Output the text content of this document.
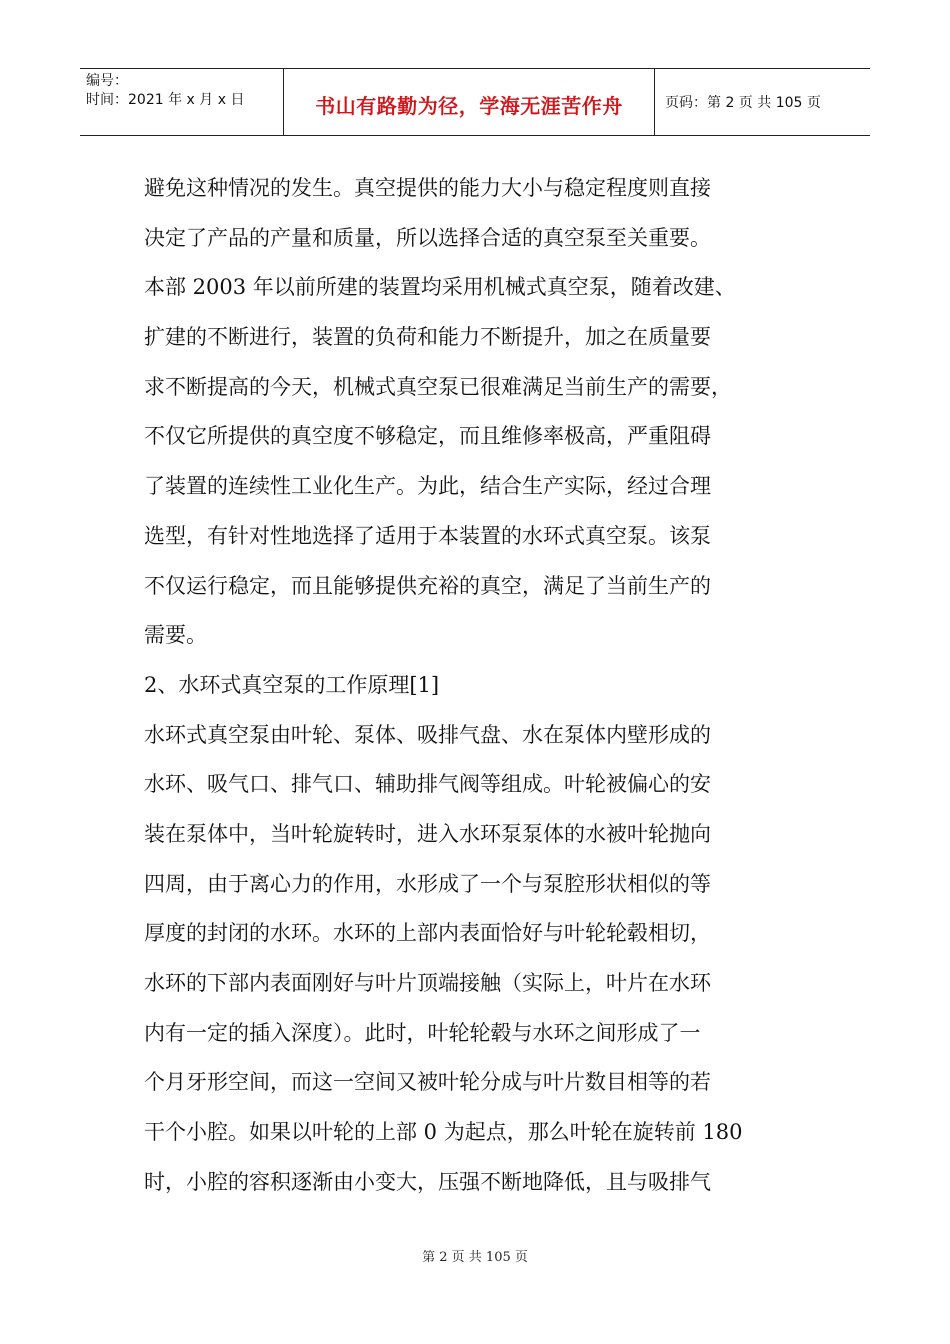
编号：
时间：2021 年 x 月 x 日	书山有路勤为径，学海无涯苦作舟	页码：第 2 页 共 105 页
避免这种情况的发生。真空提供的能力大小与稳定程度则直接
决定了产品的产量和质量，所以选择合适的真空泵至关重要。
本部 2003 年以前所建的装置均采用机械式真空泵，随着改建、
扩建的不断进行，装置的负荷和能力不断提升，加之在质量要
求不断提高的今天，机械式真空泵已很难满足当前生产的需要，
不仅它所提供的真空度不够稳定，而且维修率极高，严重阻碍
了装置的连续性工业化生产。为此，结合生产实际，经过合理
选型，有针对性地选择了适用于本装置的水环式真空泵。该泵
不仅运行稳定，而且能够提供充裕的真空，满足了当前生产的
需要。
2、水环式真空泵的工作原理[1]
水环式真空泵由叶轮、泵体、吸排气盘、水在泵体内壁形成的
水环、吸气口、排气口、辅助排气阀等组成。叶轮被偏心的安
装在泵体中，当叶轮旋转时，进入水环泵泵体的水被叶轮抛向
四周，由于离心力的作用，水形成了一个与泵腔形状相似的等
厚度的封闭的水环。水环的上部内表面恰好与叶轮轮毂相切，
水环的下部内表面刚好与叶片顶端接触（实际上，叶片在水环
内有一定的插入深度）。此时，叶轮轮毂与水环之间形成了一
个月牙形空间，而这一空间又被叶轮分成与叶片数目相等的若
干个小腔。如果以叶轮的上部 0 为起点，那么叶轮在旋转前 180
时，小腔的容积逐渐由小变大，压强不断地降低，且与吸排气
第 2 页 共 105 页
